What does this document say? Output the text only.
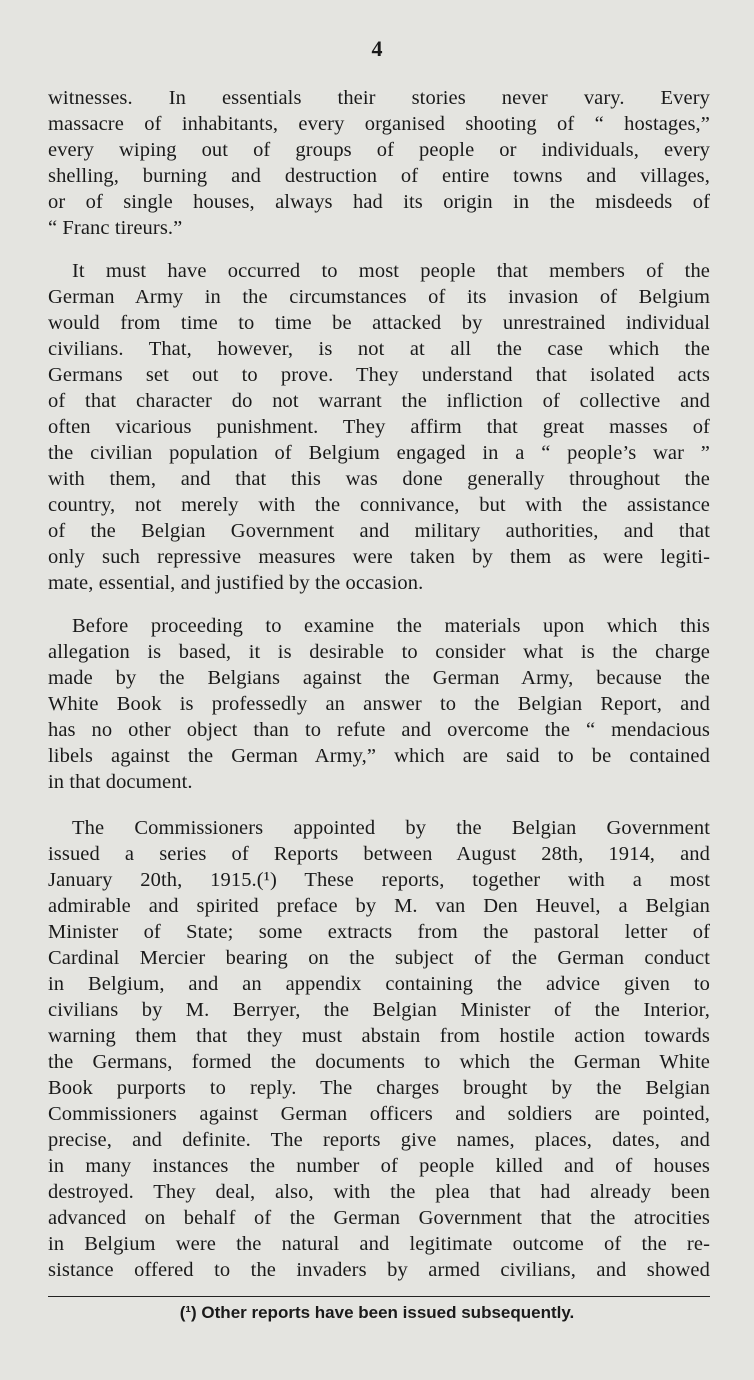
4
witnesses. In essentials their stories never vary. Every
massacre of inhabitants, every organised shooting of “ hostages,”
every wiping out of groups of people or individuals, every
shelling, burning and destruction of entire towns and villages,
or of single houses, always had its origin in the misdeeds of
“ Franc tireurs.”
It must have occurred to most people that members of the
German Army in the circumstances of its invasion of Belgium
would from time to time be attacked by unrestrained individual
civilians. That, however, is not at all the case which the
Germans set out to prove. They understand that isolated acts
of that character do not warrant the infliction of collective and
often vicarious punishment. They affirm that great masses of
the civilian population of Belgium engaged in a “ people’s war ”
with them, and that this was done generally throughout the
country, not merely with the connivance, but with the assistance
of the Belgian Government and military authorities, and that
only such repressive measures were taken by them as were legiti-
mate, essential, and justified by the occasion.
Before proceeding to examine the materials upon which this
allegation is based, it is desirable to consider what is the charge
made by the Belgians against the German Army, because the
White Book is professedly an answer to the Belgian Report, and
has no other object than to refute and overcome the “ mendacious
libels against the German Army,” which are said to be contained
in that document.
The Commissioners appointed by the Belgian Government
issued a series of Reports between August 28th, 1914, and
January 20th, 1915.(¹) These reports, together with a most
admirable and spirited preface by M. van Den Heuvel, a Belgian
Minister of State; some extracts from the pastoral letter of
Cardinal Mercier bearing on the subject of the German conduct
in Belgium, and an appendix containing the advice given to
civilians by M. Berryer, the Belgian Minister of the Interior,
warning them that they must abstain from hostile action towards
the Germans, formed the documents to which the German White
Book purports to reply. The charges brought by the Belgian
Commissioners against German officers and soldiers are pointed,
precise, and definite. The reports give names, places, dates, and
in many instances the number of people killed and of houses
destroyed. They deal, also, with the plea that had already been
advanced on behalf of the German Government that the atrocities
in Belgium were the natural and legitimate outcome of the re-
sistance offered to the invaders by armed civilians, and showed
(¹) Other reports have been issued subsequently.
